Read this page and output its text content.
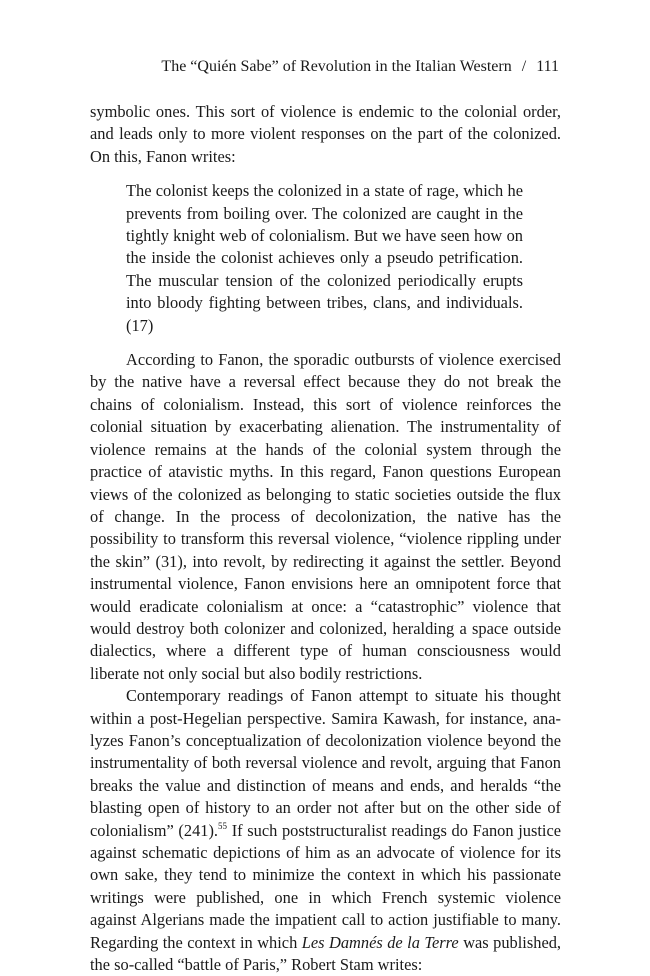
The “Quién Sabe” of Revolution in the Italian Western / 111

symbolic ones. This sort of violence is endemic to the colonial order, and leads only to more violent responses on the part of the colonized. On this, Fanon writes:

The colonist keeps the colonized in a state of rage, which he prevents from boiling over. The colonized are caught in the tightly knight web of colonialism. But we have seen how on the inside the colonist achieves only a pseudo petrification. The muscular tension of the colonized periodically erupts into bloody fighting between tribes, clans, and individuals. (17)

According to Fanon, the sporadic outbursts of violence exercised by the native have a reversal effect because they do not break the chains of colonialism. Instead, this sort of violence reinforces the colonial situation by exacerbating alienation. The instrumentality of violence remains at the hands of the colonial system through the practice of atavistic myths. In this regard, Fanon questions European views of the colonized as belonging to static societies outside the flux of change. In the process of decolonization, the native has the possibility to transform this reversal violence, “violence rippling under the skin” (31), into revolt, by redirecting it against the settler. Beyond instrumental violence, Fanon envisions here an omnipotent force that would eradicate colonialism at once: a “catastrophic” violence that would destroy both colonizer and colonized, heralding a space outside dialectics, where a different type of human consciousness would liberate not only social but also bodily restrictions.

Contemporary readings of Fanon attempt to situate his thought within a post-Hegelian perspective. Samira Kawash, for instance, analyzes Fanon’s conceptualization of decolonization violence beyond the instrumentality of both reversal violence and revolt, arguing that Fanon breaks the value and distinction of means and ends, and heralds “the blasting open of history to an order not after but on the other side of colonialism” (241).$^{55}$ If such poststructuralist readings do Fanon justice against schematic depictions of him as an advocate of violence for its own sake, they tend to minimize the context in which his passionate writings were published, one in which French systemic violence against Algerians made the impatient call to action justifiable to many. Regarding the context in which Les Damnés de la Terre was published, the so-called “battle of Paris,” Robert Stam writes:
